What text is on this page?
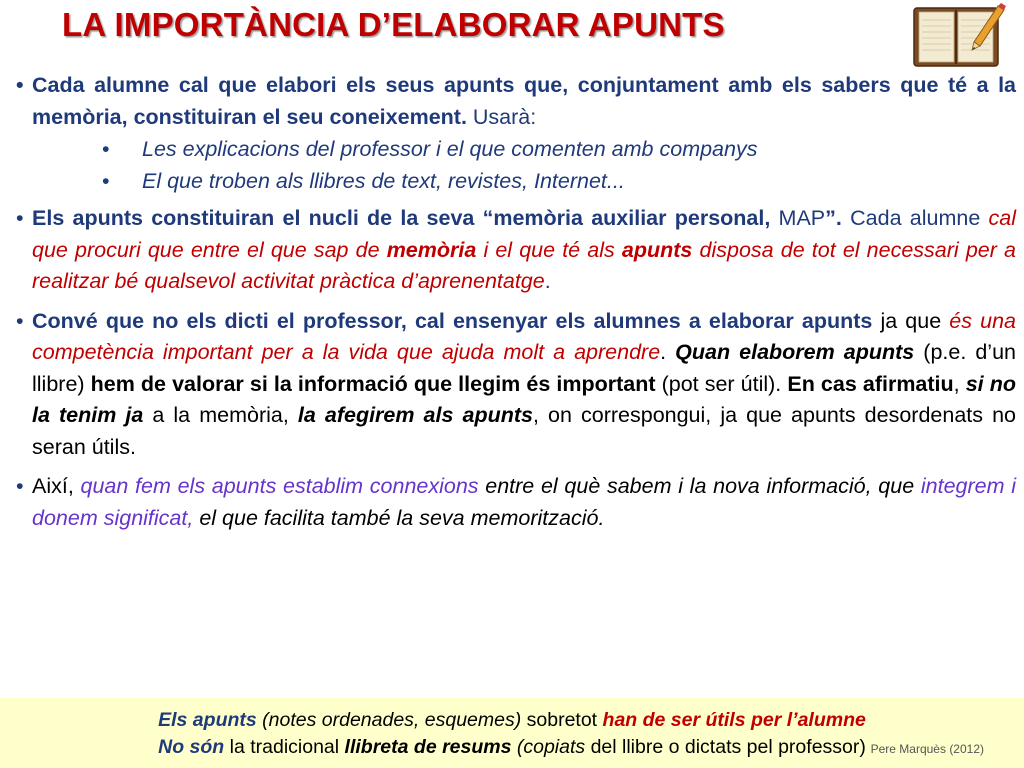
LA IMPORTÀNCIA D’ELABORAR APUNTS
• Cada alumne cal que elabori els seus apunts que, conjuntament amb els sabers que té a la memòria, constituiran el seu coneixement. Usarà:
• Les explicacions del professor i el que comenten amb companys
• El que troben als llibres de text, revistes, Internet...
• Els apunts constituiran el nucli de la seva “memòria auxiliar personal, MAP”. Cada alumne cal que procuri que entre el que sap de memòria i el que té als apunts disposa de tot el necessari per a realitzar bé qualsevol activitat pràctica d’aprenentatge.
• Convé que no els dicti el professor, cal ensenyar els alumnes a elaborar apunts ja que és una competència important per a la vida que ajuda molt a aprendre. Quan elaborem apunts (p.e. d’un llibre) hem de valorar si la informació que llegim és important (pot ser útil). En cas afirmatiu, si no la tenim ja a la memòria, la afegirem als apunts, on correspongui, ja que apunts desordenats no seran útils.
• Així, quan fem els apunts establim connexions entre el què sabem i la nova informació, que integrem i donem significat, el que facilita també la seva memorització.
Els apunts (notes ordenades, esquemes) sobretot han de ser útils per l’alumne
No són la tradicional llibreta de resums (copiats del llibre o dictats pel professor) Pere Marquès (2012)
